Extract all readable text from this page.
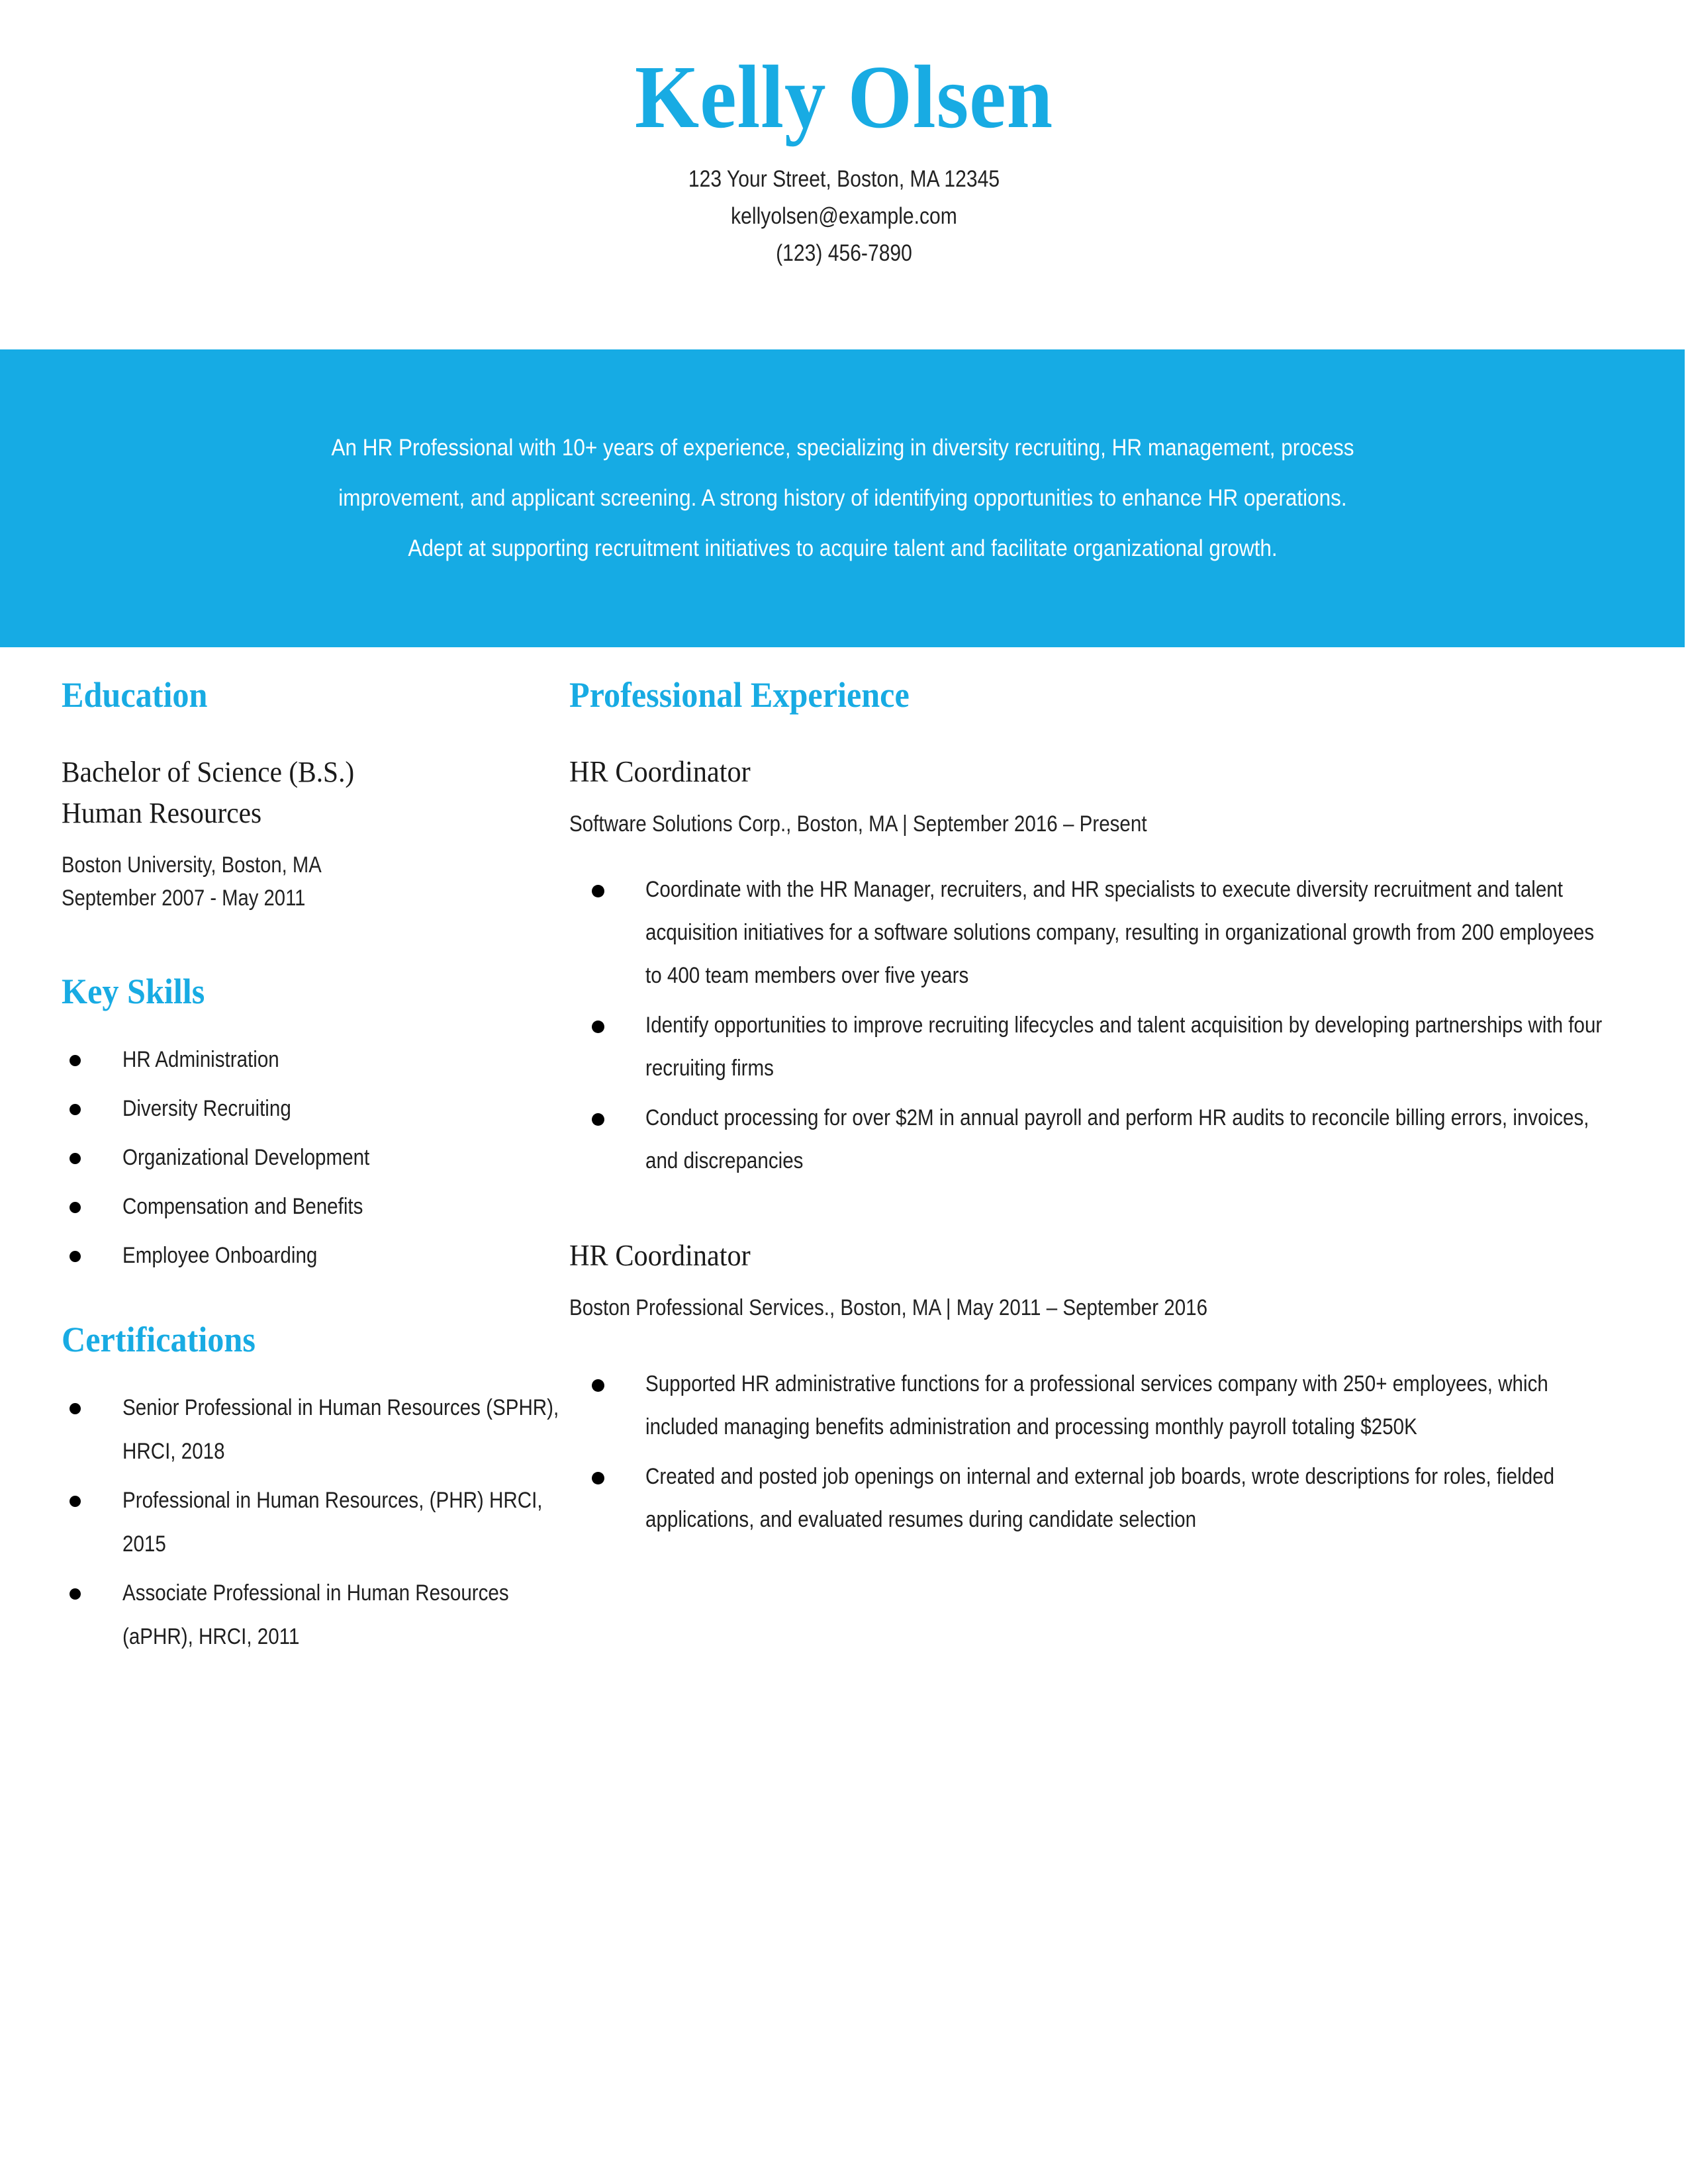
Kelly Olsen
123 Your Street, Boston, MA 12345
kellyolsen@example.com
(123) 456-7890
An HR Professional with 10+ years of experience, specializing in diversity recruiting, HR management, process
improvement, and applicant screening. A strong history of identifying opportunities to enhance HR operations.
Adept at supporting recruitment initiatives to acquire talent and facilitate organizational growth.
Education
Bachelor of Science (B.S.)
Human Resources
Boston University, Boston, MA
September 2007 - May 2011
Key Skills
HR Administration
Diversity Recruiting
Organizational Development
Compensation and Benefits
Employee Onboarding
Certifications
Senior Professional in Human Resources (SPHR), HRCI, 2018
Professional in Human Resources, (PHR) HRCI, 2015
Associate Professional in Human Resources (aPHR), HRCI, 2011
Professional Experience
HR Coordinator
Software Solutions Corp., Boston, MA | September 2016 – Present
Coordinate with the HR Manager, recruiters, and HR specialists to execute diversity recruitment and talent acquisition initiatives for a software solutions company, resulting in organizational growth from 200 employees to 400 team members over five years
Identify opportunities to improve recruiting lifecycles and talent acquisition by developing partnerships with four recruiting firms
Conduct processing for over $2M in annual payroll and perform HR audits to reconcile billing errors, invoices, and discrepancies
HR Coordinator
Boston Professional Services., Boston, MA | May 2011 – September 2016
Supported HR administrative functions for a professional services company with 250+ employees, which included managing benefits administration and processing monthly payroll totaling $250K
Created and posted job openings on internal and external job boards, wrote descriptions for roles, fielded applications, and evaluated resumes during candidate selection
